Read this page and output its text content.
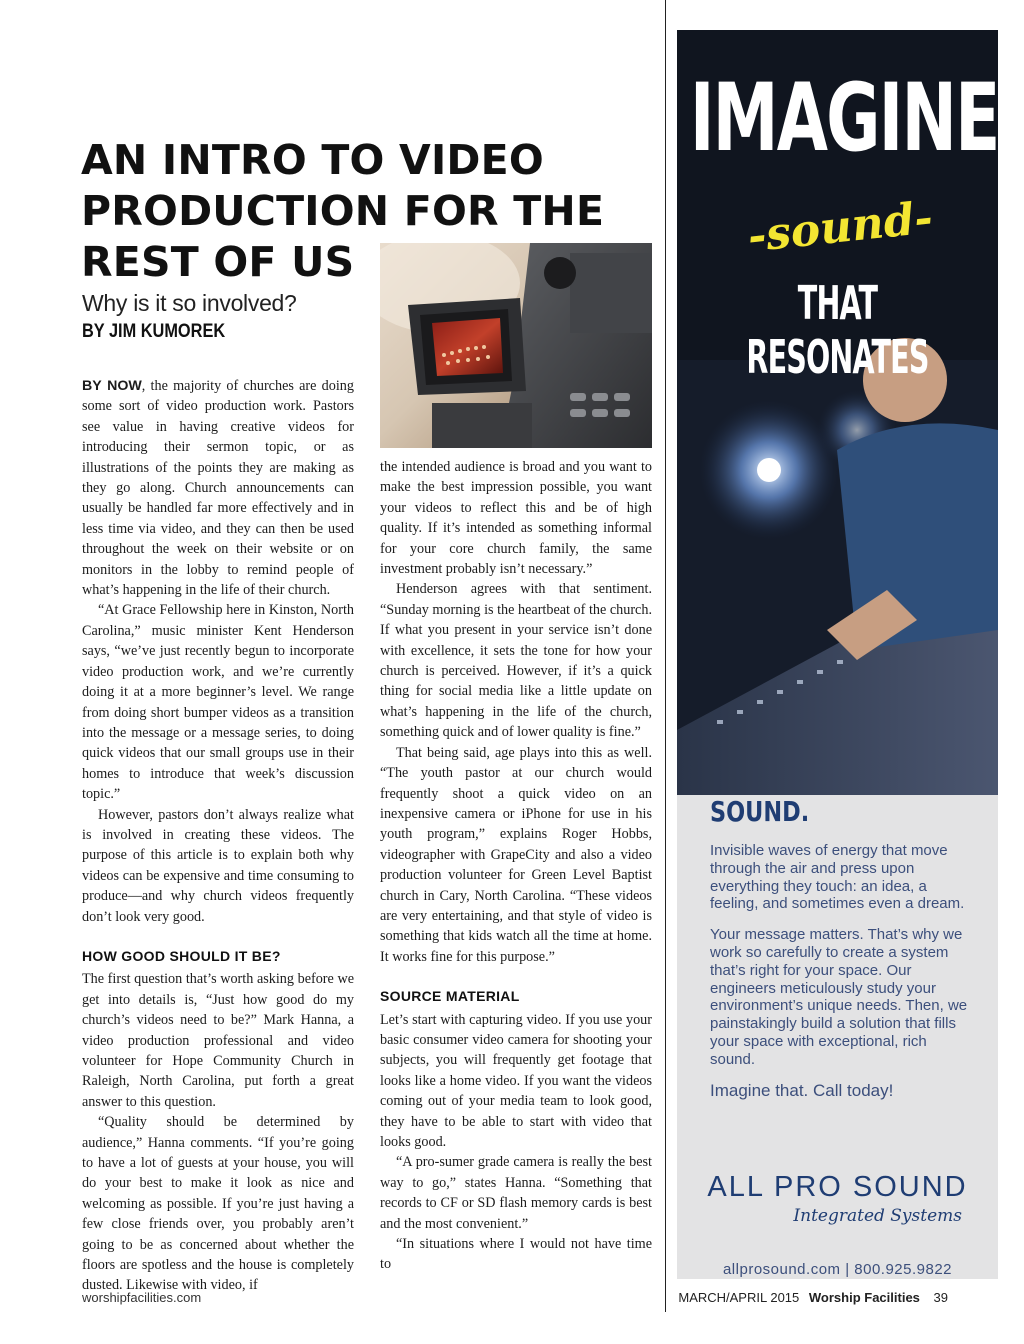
AN INTRO TO VIDEO
PRODUCTION FOR THE
REST OF US
Why is it so involved?
BY JIM KUMOREK

BY NOW, the majority of churches are doing some sort of video production work. Pastors see value in having creative videos for introducing their sermon topic, or as illustrations of the points they are making as they go along. Church announcements can usually be handled far more effectively and in less time via video, and they can then be used throughout the week on their website or on monitors in the lobby to remind people of what’s happening in the life of their church.

“At Grace Fellowship here in Kinston, North Carolina,” music minister Kent Henderson says, “we’ve just recently begun to incorporate video production work, and we’re currently doing it at a more beginner’s level. We range from doing short bumper videos as a transition into the message or a message series, to doing quick videos that our small groups use in their homes to introduce that week’s discussion topic.”

However, pastors don’t always realize what is involved in creating these videos. The purpose of this article is to explain both why videos can be expensive and time consuming to produce—and why church videos frequently don’t look very good.

HOW GOOD SHOULD IT BE?

The first question that’s worth asking before we get into details is, “Just how good do my church’s videos need to be?” Mark Hanna, a video production professional and video volunteer for Hope Community Church in Raleigh, North Carolina, put forth a great answer to this question.

“Quality should be determined by audience,” Hanna comments. “If you’re going to have a lot of guests at your house, you will do your best to make it look as nice and welcoming as possible. If you’re just having a few close friends over, you probably aren’t going to be as concerned about whether the floors are spotless and the house is completely dusted. Likewise with video, if

the intended audience is broad and you want to make the best impression possible, you want your videos to reflect this and be of high quality. If it’s intended as something informal for your core church family, the same investment probably isn’t necessary.”

Henderson agrees with that sentiment. “Sunday morning is the heartbeat of the church. If what you present in your service isn’t done with excellence, it sets the tone for how your church is perceived. However, if it’s a quick thing for social media like a little update on what’s happening in the life of the church, something quick and of lower quality is fine.”

That being said, age plays into this as well. “The youth pastor at our church would frequently shoot a quick video on an inexpensive camera or iPhone for use in his youth program,” explains Roger Hobbs, videographer with GrapeCity and also a video production volunteer for Green Level Baptist church in Cary, North Carolina. “These videos are very entertaining, and that style of video is something that kids watch all the time at home. It works fine for this purpose.”

SOURCE MATERIAL

Let’s start with capturing video. If you use your basic consumer video camera for shooting your subjects, you will frequently get footage that looks like a home video. If you want the videos coming out of your media team to look good, they have to be able to start with video that looks good.

“A pro-sumer grade camera is really the best way to go,” states Hanna. “Something that records to CF or SD flash memory cards is best and the most convenient.”

“In situations where I would not have time to

worshipfacilities.com	MARCH/APRIL 2015 Worship Facilities 39
IMAGINE
-sound-
THAT RESONATES
SOUND.

Invisible waves of energy that move through the air and press upon everything they touch: an idea, a feeling, and sometimes even a dream.

Your message matters. That’s why we work so carefully to create a system that’s right for your space. Our engineers meticulously study your environment’s unique needs. Then, we painstakingly build a solution that fills your space with exceptional, rich sound.

Imagine that. Call today!

ALL PRO SOUND
Integrated Systems
allprosound.com | 800.925.9822
